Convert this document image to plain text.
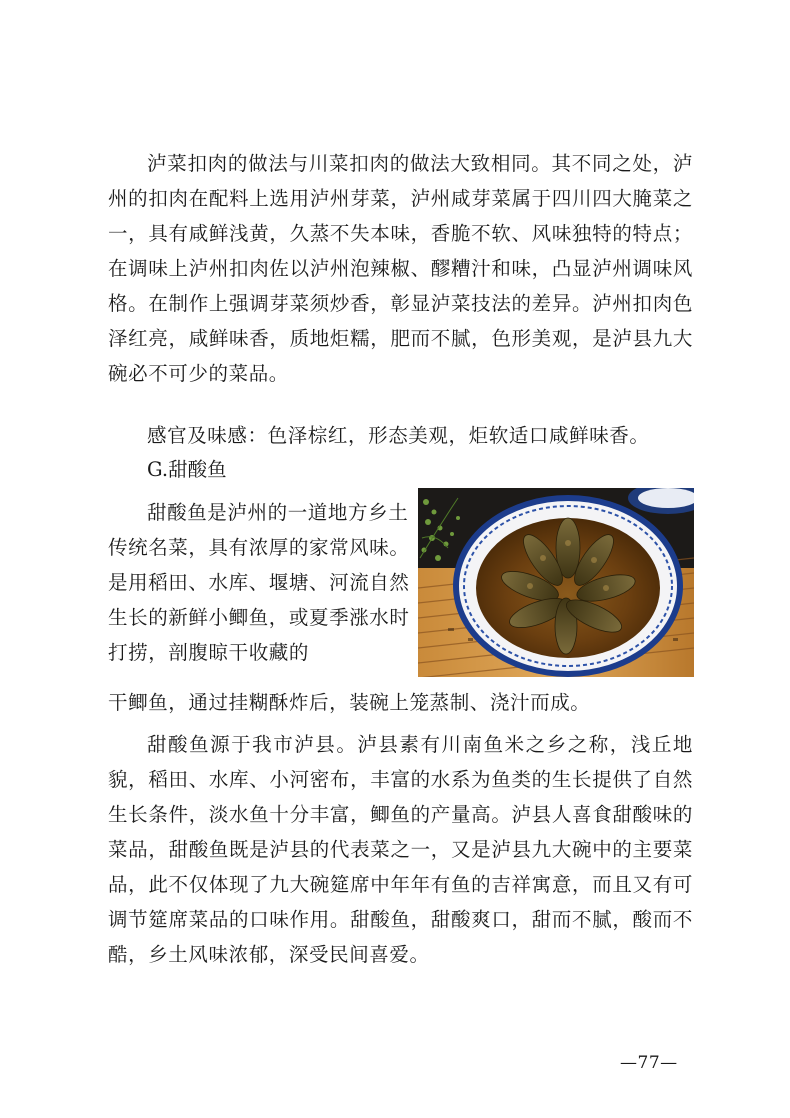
泸菜扣肉的做法与川菜扣肉的做法大致相同。其不同之处，泸州的扣肉在配料上选用泸州芽菜，泸州咸芽菜属于四川四大腌菜之一，具有咸鲜浅黄，久蒸不失本味，香脆不软、风味独特的特点；在调味上泸州扣肉佐以泸州泡辣椒、醪糟汁和味，凸显泸州调味风格。在制作上强调芽菜须炒香，彰显泸菜技法的差异。泸州扣肉色泽红亮，咸鲜味香，质地炬糯，肥而不腻，色形美观，是泸县九大碗必不可少的菜品。

感官及味感：色泽棕红，形态美观，炬软适口咸鲜味香。

G.甜酸鱼

甜酸鱼是泸州的一道地方乡土传统名菜，具有浓厚的家常风味。是用稻田、水库、堰塘、河流自然生长的新鲜小鲫鱼，或夏季涨水时打捞，剖腹晾干收藏的

干鲫鱼，通过挂糊酥炸后，装碗上笼蒸制、浇汁而成。

甜酸鱼源于我市泸县。泸县素有川南鱼米之乡之称，浅丘地貌，稻田、水库、小河密布，丰富的水系为鱼类的生长提供了自然生长条件，淡水鱼十分丰富，鲫鱼的产量高。泸县人喜食甜酸味的菜品，甜酸鱼既是泸县的代表菜之一，又是泸县九大碗中的主要菜品，此不仅体现了九大碗筵席中年年有鱼的吉祥寓意，而且又有可调节筵席菜品的口味作用。甜酸鱼，甜酸爽口，甜而不腻，酸而不酷，乡土风味浓郁，深受民间喜爱。

—77—
